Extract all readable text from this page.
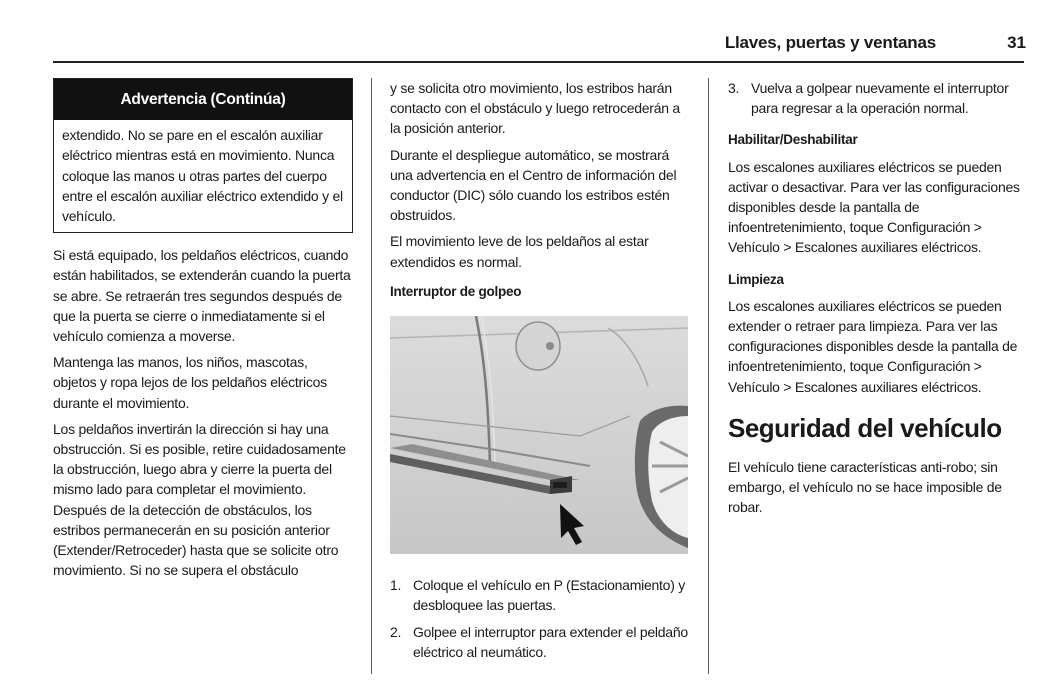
Llaves, puertas y ventanas	31
Advertencia (Continúa)
extendido. No se pare en el escalón auxiliar eléctrico mientras está en movimiento. Nunca coloque las manos u otras partes del cuerpo entre el escalón auxiliar eléctrico extendido y el vehículo.

Si está equipado, los peldaños eléctricos, cuando están habilitados, se extenderán cuando la puerta se abre. Se retraerán tres segundos después de que la puerta se cierre o inmediatamente si el vehículo comienza a moverse.

Mantenga las manos, los niños, mascotas, objetos y ropa lejos de los peldaños eléctricos durante el movimiento.

Los peldaños invertirán la dirección si hay una obstrucción. Si es posible, retire cuidadosamente la obstrucción, luego abra y cierre la puerta del mismo lado para completar el movimiento. Después de la detección de obstáculos, los estribos permanecerán en su posición anterior (Extender/Retroceder) hasta que se solicite otro movimiento. Si no se supera el obstáculo

y se solicita otro movimiento, los estribos harán contacto con el obstáculo y luego retrocederán a la posición anterior.

Durante el despliegue automático, se mostrará una advertencia en el Centro de información del conductor (DIC) sólo cuando los estribos estén obstruidos.

El movimiento leve de los peldaños al estar extendidos es normal.

Interruptor de golpeo
1. Coloque el vehículo en P (Estacionamiento) y desbloquee las puertas.
2. Golpee el interruptor para extender el peldaño eléctrico al neumático.
3. Vuelva a golpear nuevamente el interruptor para regresar a la operación normal.
Habilitar/Deshabilitar

Los escalones auxiliares eléctricos se pueden activar o desactivar. Para ver las configuraciones disponibles desde la pantalla de infoentretenimiento, toque Configuración > Vehículo > Escalones auxiliares eléctricos.

Limpieza

Los escalones auxiliares eléctricos se pueden extender o retraer para limpieza. Para ver las configuraciones disponibles desde la pantalla de infoentretenimiento, toque Configuración > Vehículo > Escalones auxiliares eléctricos.

Seguridad del vehículo

El vehículo tiene características anti-robo; sin embargo, el vehículo no se hace imposible de robar.
